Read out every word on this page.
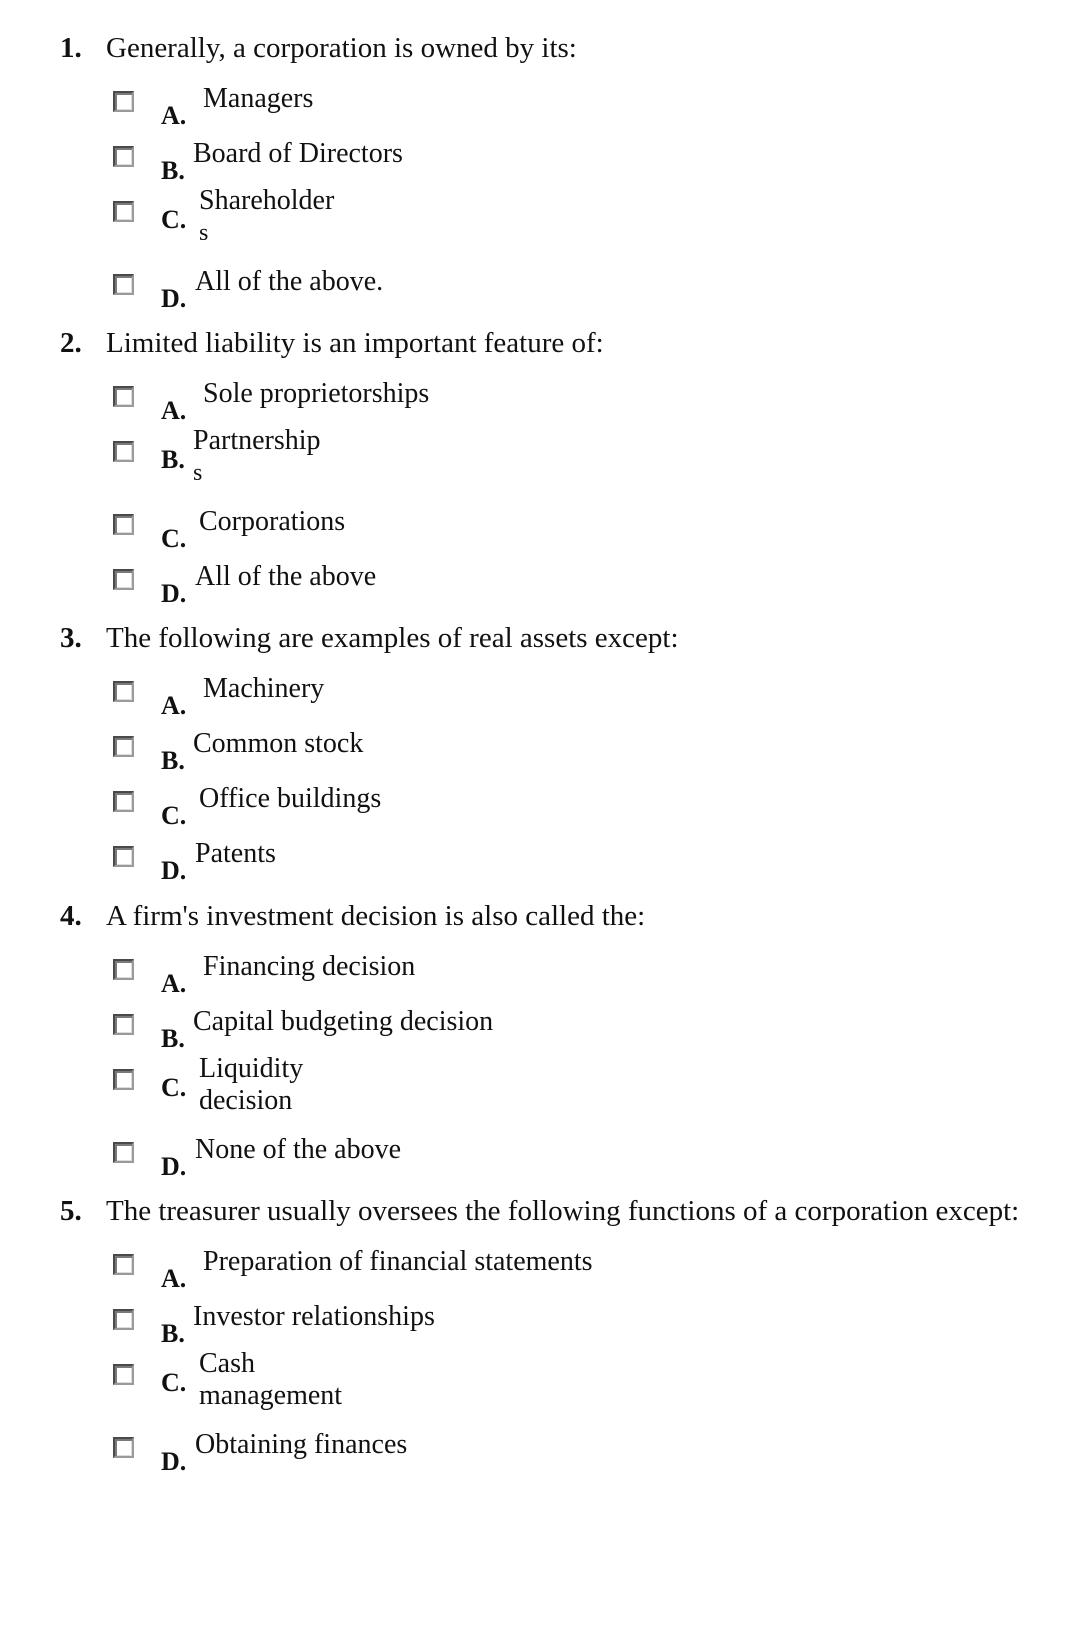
1. Generally, a corporation is owned by its:
A.
Managers
B.
Board of Directors
C.
Shareholder
s
D.
All of the above.
2. Limited liability is an important feature of:
A.
Sole proprietorships
B.
Partnership
s
C.
Corporations
D.
All of the above
3. The following are examples of real assets except:
A.
Machinery
B.
Common stock
C.
Office buildings
D.
Patents
4. A firm's investment decision is also called the:
A.
Financing decision
B.
Capital budgeting decision
C.
Liquidity
decision
D.
None of the above
5. The treasurer usually oversees the following functions of a corporation except:
A.
Preparation of financial statements
B.
Investor relationships
C.
Cash
management
D.
Obtaining finances
